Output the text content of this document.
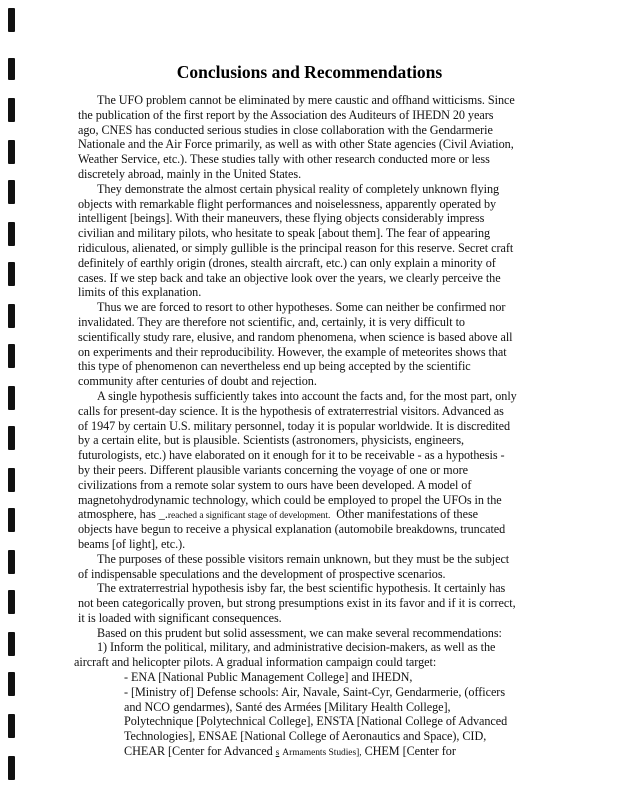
Conclusions and Recommendations
The UFO problem cannot be eliminated by mere caustic and offhand witticisms. Since
the publication of the first report by the Association des Auditeurs of IHEDN 20 years
ago, CNES has conducted serious studies in close collaboration with the Gendarmerie
Nationale and the Air Force primarily, as well as with other State agencies (Civil Aviation,
Weather Service, etc.). These studies tally with other research conducted more or less
discretely abroad, mainly in the United States.
They demonstrate the almost certain physical reality of completely unknown flying
objects with remarkable flight performances and noiselessness, apparently operated by
intelligent [beings]. With their maneuvers, these flying objects considerably impress
civilian and military pilots, who hesitate to speak [about them]. The fear of appearing
ridiculous, alienated, or simply gullible is the principal reason for this reserve. Secret craft
definitely of earthly origin (drones, stealth aircraft, etc.) can only explain a minority of
cases. If we step back and take an objective look over the years, we clearly perceive the
limits of this explanation.
Thus we are forced to resort to other hypotheses. Some can neither be confirmed nor
invalidated. They are therefore not scientific, and, certainly, it is very difficult to
scientifically study rare, elusive, and random phenomena, when science is based above all
on experiments and their reproducibility. However, the example of meteorites shows that
this type of phenomenon can nevertheless end up being accepted by the scientific
community after centuries of doubt and rejection.
A single hypothesis sufficiently takes into account the facts and, for the most part, only
calls for present-day science. It is the hypothesis of extraterrestrial visitors. Advanced as
of 1947 by certain U.S. military personnel, today it is popular worldwide. It is discredited
by a certain elite, but is plausible. Scientists (astronomers, physicists, engineers,
futurologists, etc.) have elaborated on it enough for it to be receivable - as a hypothesis -
by their peers. Different plausible variants concerning the voyage of one or more
civilizations from a remote solar system to ours have been developed. A model of
magnetohydrodynamic technology, which could be employed to propel the UFOs in the
atmosphere, has _.reached a significant stage of development. Other manifestations of these
objects have begun to receive a physical explanation (automobile breakdowns, truncated
beams [of light], etc.).
The purposes of these possible visitors remain unknown, but they must be the subject
of indispensable speculations and the development of prospective scenarios.
The extraterrestrial hypothesis isby far, the best scientific hypothesis. It certainly has
not been categorically proven, but strong presumptions exist in its favor and if it is correct,
it is loaded with significant consequences.
Based on this prudent but solid assessment, we can make several recommendations:
1) Inform the political, military, and administrative decision-makers, as well as the
aircraft and helicopter pilots. A gradual information campaign could target:
- ENA [National Public Management College] and IHEDN,
- [Ministry of] Defense schools: Air, Navale, Saint-Cyr, Gendarmerie, (officers
and NCO gendarmes), Santé des Armées [Military Health College],
Polytechnique [Polytechnical College], ENSTA [National College of Advanced
Technologies], ENSAE [National College of Aeronautics and Space), CID,
CHEAR [Center for Advanced s Armaments Studies], CHEM [Center for
